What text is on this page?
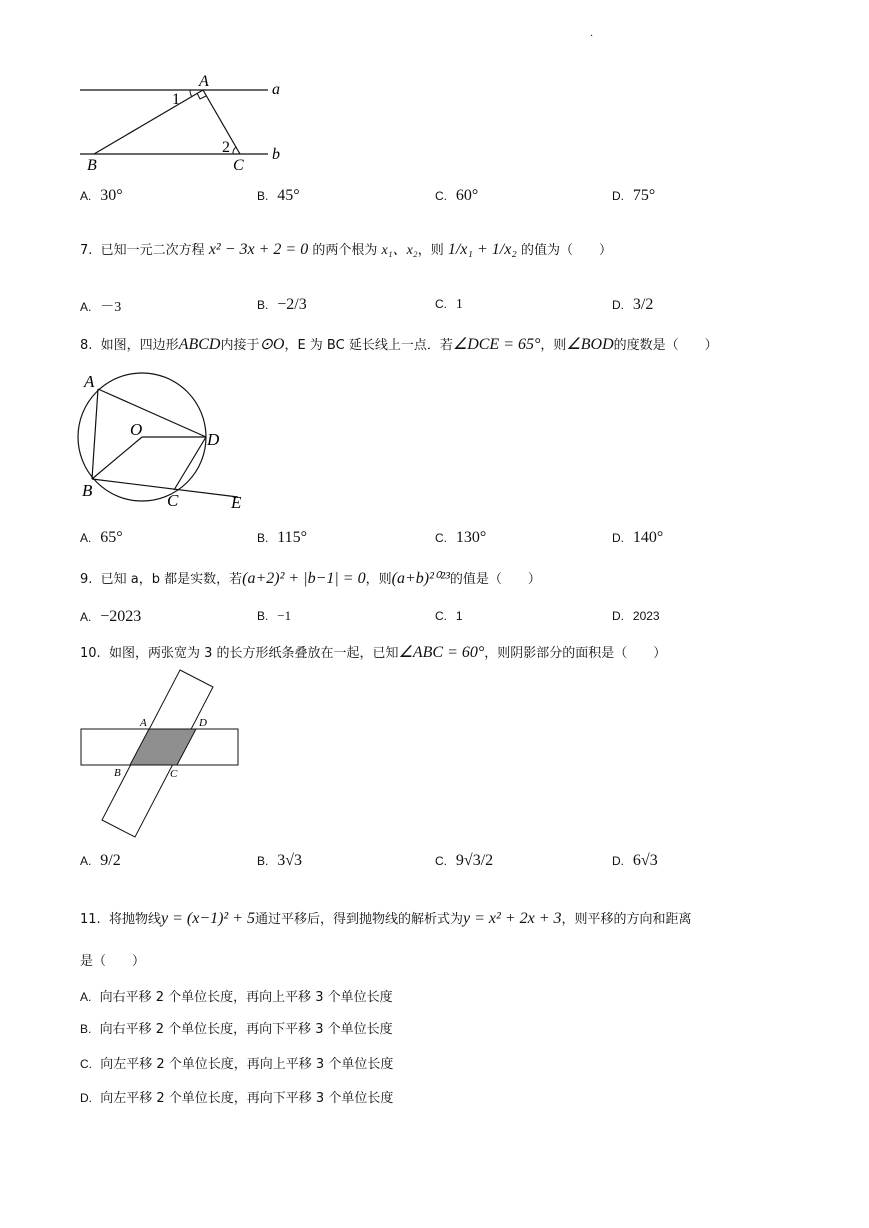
.
A	a
1
2
B	C
b
A. 30°	B. 45°	C. 60°	D. 75°
7. 已知一元二次方程 x² − 3x + 2 = 0 的两个根为 x₁、x₂，则 1/x₁ + 1/x₂ 的值为（　　）
A. －3	B. −2/3	C. 1	D. 3/2
8. 如图，四边形ABCD内接于⊙O，E 为 BC 延长线上一点．若∠DCE = 65°，则∠BOD的度数是（　　）
A
O
D
B
C	E
A. 65°	B. 115°	C. 130°	D. 140°
9. 已知 a，b 都是实数，若(a+2)² + |b−1| = 0，则(a+b)²⁰²³的值是（　　）
A. −2023	B. −1	C. 1	D. 2023
10. 如图，两张宽为 3 的长方形纸条叠放在一起，已知∠ABC = 60°，则阴影部分的面积是（　　）
A	D
B	C
A. 9/2	B. 3√3	C. 9√3/2	D. 6√3
11. 将抛物线y = (x−1)² + 5通过平移后，得到抛物线的解析式为y = x² + 2x + 3，则平移的方向和距离
是（　　）
A. 向右平移 2 个单位长度，再向上平移 3 个单位长度
B. 向右平移 2 个单位长度，再向下平移 3 个单位长度
C. 向左平移 2 个单位长度，再向上平移 3 个单位长度
D. 向左平移 2 个单位长度，再向下平移 3 个单位长度
